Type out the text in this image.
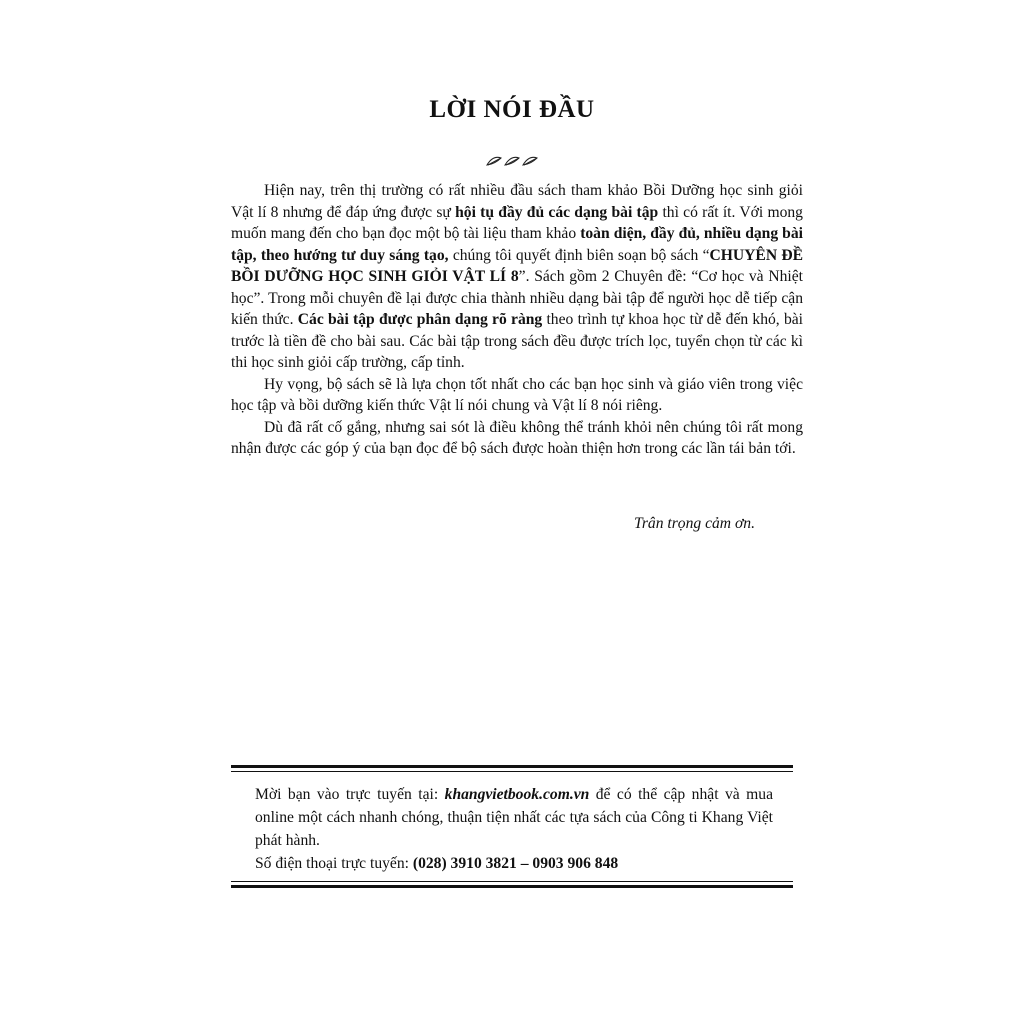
LỜI NÓI ĐẦU

Hiện nay, trên thị trường có rất nhiều đầu sách tham khảo Bồi Dưỡng học sinh giỏi Vật lí 8 nhưng để đáp ứng được sự hội tụ đầy đủ các dạng bài tập thì có rất ít. Với mong muốn mang đến cho bạn đọc một bộ tài liệu tham khảo toàn diện, đầy đủ, nhiều dạng bài tập, theo hướng tư duy sáng tạo, chúng tôi quyết định biên soạn bộ sách “CHUYÊN ĐỀ BỒI DƯỠNG HỌC SINH GIỎI VẬT LÍ 8”. Sách gồm 2 Chuyên đề: “Cơ học và Nhiệt học”. Trong mỗi chuyên đề lại được chia thành nhiều dạng bài tập để người học dễ tiếp cận kiến thức. Các bài tập được phân dạng rõ ràng theo trình tự khoa học từ dễ đến khó, bài trước là tiền đề cho bài sau. Các bài tập trong sách đều được trích lọc, tuyển chọn từ các kì thi học sinh giỏi cấp trường, cấp tỉnh.

Hy vọng, bộ sách sẽ là lựa chọn tốt nhất cho các bạn học sinh và giáo viên trong việc học tập và bồi dưỡng kiến thức Vật lí nói chung và Vật lí 8 nói riêng.

Dù đã rất cố gắng, nhưng sai sót là điều không thể tránh khỏi nên chúng tôi rất mong nhận được các góp ý của bạn đọc để bộ sách được hoàn thiện hơn trong các lần tái bản tới.

Trân trọng cảm ơn.

Mời bạn vào trực tuyến tại: khangvietbook.com.vn để có thể cập nhật và mua online một cách nhanh chóng, thuận tiện nhất các tựa sách của Công ti Khang Việt phát hành.

Số điện thoại trực tuyến: (028) 3910 3821 – 0903 906 848
